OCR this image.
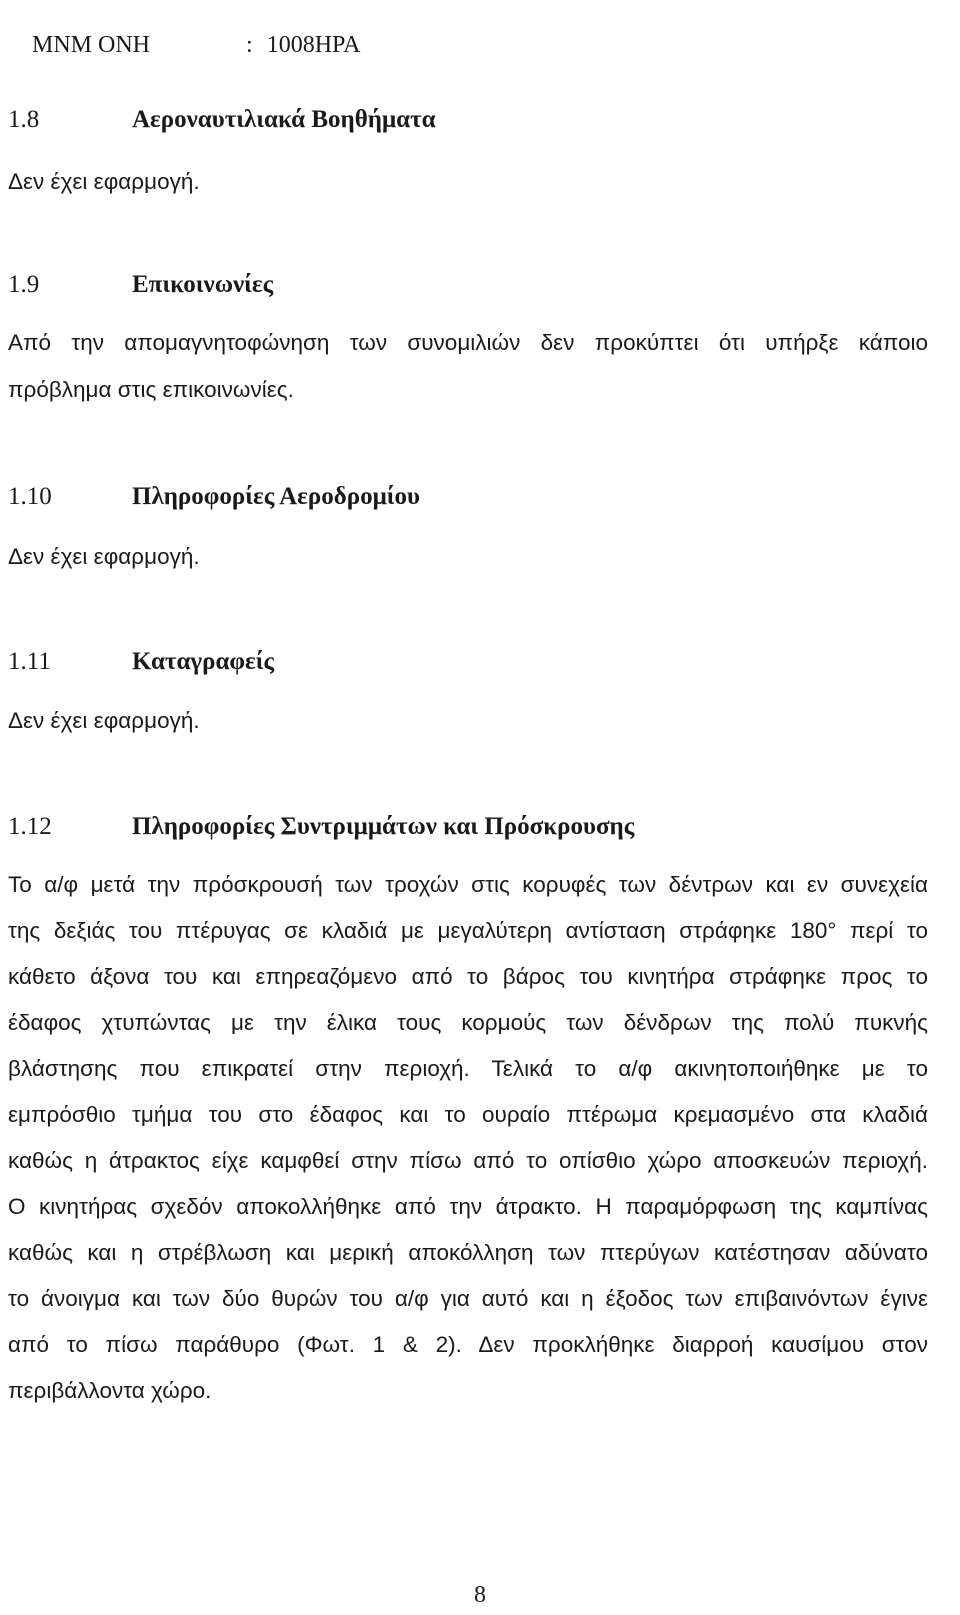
ΜΝΜ ΟΝΗ	: 1008HPA

1.8	Αεροναυτιλιακά Βοηθήματα
Δεν έχει εφαρμογή.
1.9	Επικοινωνίες
Από την απομαγνητοφώνηση των συνομιλιών δεν προκύπτει ότι υπήρξε κάποιο
πρόβλημα στις επικοινωνίες.
1.10	Πληροφορίες Αεροδρομίου
Δεν έχει εφαρμογή.
1.11	Καταγραφείς
Δεν έχει εφαρμογή.
1.12	Πληροφορίες Συντριμμάτων και Πρόσκρουσης
Το α/φ μετά την πρόσκρουσή των τροχών στις κορυφές των δέντρων και εν συνεχεία
της δεξιάς του πτέρυγας σε κλαδιά με μεγαλύτερη αντίσταση στράφηκε 180° περί το
κάθετο άξονα του και επηρεαζόμενο από το βάρος του κινητήρα στράφηκε προς το
έδαφος χτυπώντας με την έλικα τους κορμούς των δένδρων της πολύ πυκνής
βλάστησης που επικρατεί στην περιοχή. Τελικά το α/φ ακινητοποιήθηκε με το
εμπρόσθιο τμήμα του στο έδαφος και το ουραίο πτέρωμα κρεμασμένο στα κλαδιά
καθώς η άτρακτος είχε καμφθεί στην πίσω από το οπίσθιο χώρο αποσκευών περιοχή.
Ο κινητήρας σχεδόν αποκολλήθηκε από την άτρακτο. Η παραμόρφωση της καμπίνας
καθώς και η στρέβλωση και μερική αποκόλληση των πτερύγων κατέστησαν αδύνατο
το άνοιγμα και των δύο θυρών του α/φ για αυτό και η έξοδος των επιβαινόντων έγινε
από το πίσω παράθυρο (Φωτ. 1 & 2). Δεν προκλήθηκε διαρροή καυσίμου στον
περιβάλλοντα χώρο.
8
